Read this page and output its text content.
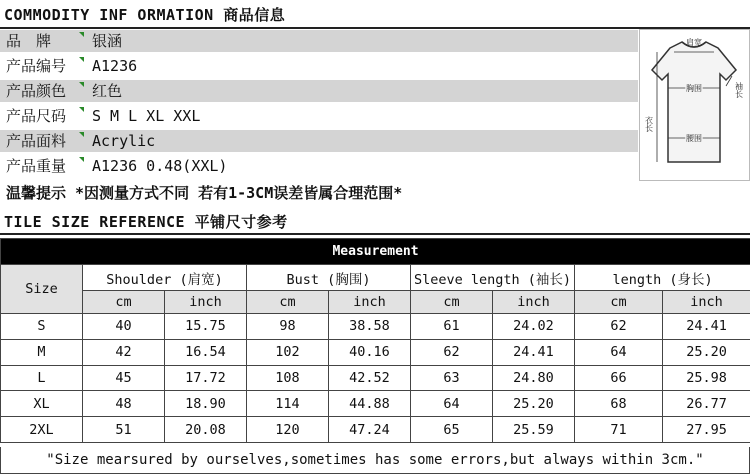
COMMODITY INF ORMATION 商品信息
品　牌	银涵
产品编号	A1236
产品颜色	红色
产品尺码	S M L XL XXL
产品面料	Acrylic
产品重量	A1236 0.48(XXL)
温馨提示 *因测量方式不同 若有1-3CM误差皆属合理范围*
肩宽
胸围
腰围
袖长
衣长
TILE SIZE REFERENCE 平铺尺寸参考
Measurement								
Size	Shoulder (肩宽)		Bust (胸围)		Sleeve length (袖长)		length (身长)	
	cm	inch	cm	inch	cm	inch	cm	inch
S	40	15.75	98	38.58	61	24.02	62	24.41
M	42	16.54	102	40.16	62	24.41	64	25.20
L	45	17.72	108	42.52	63	24.80	66	25.98
XL	48	18.90	114	44.88	64	25.20	68	26.77
2XL	51	20.08	120	47.24	65	25.59	71	27.95
"Size mearsured by ourselves,sometimes has some errors,but always within 3cm."
